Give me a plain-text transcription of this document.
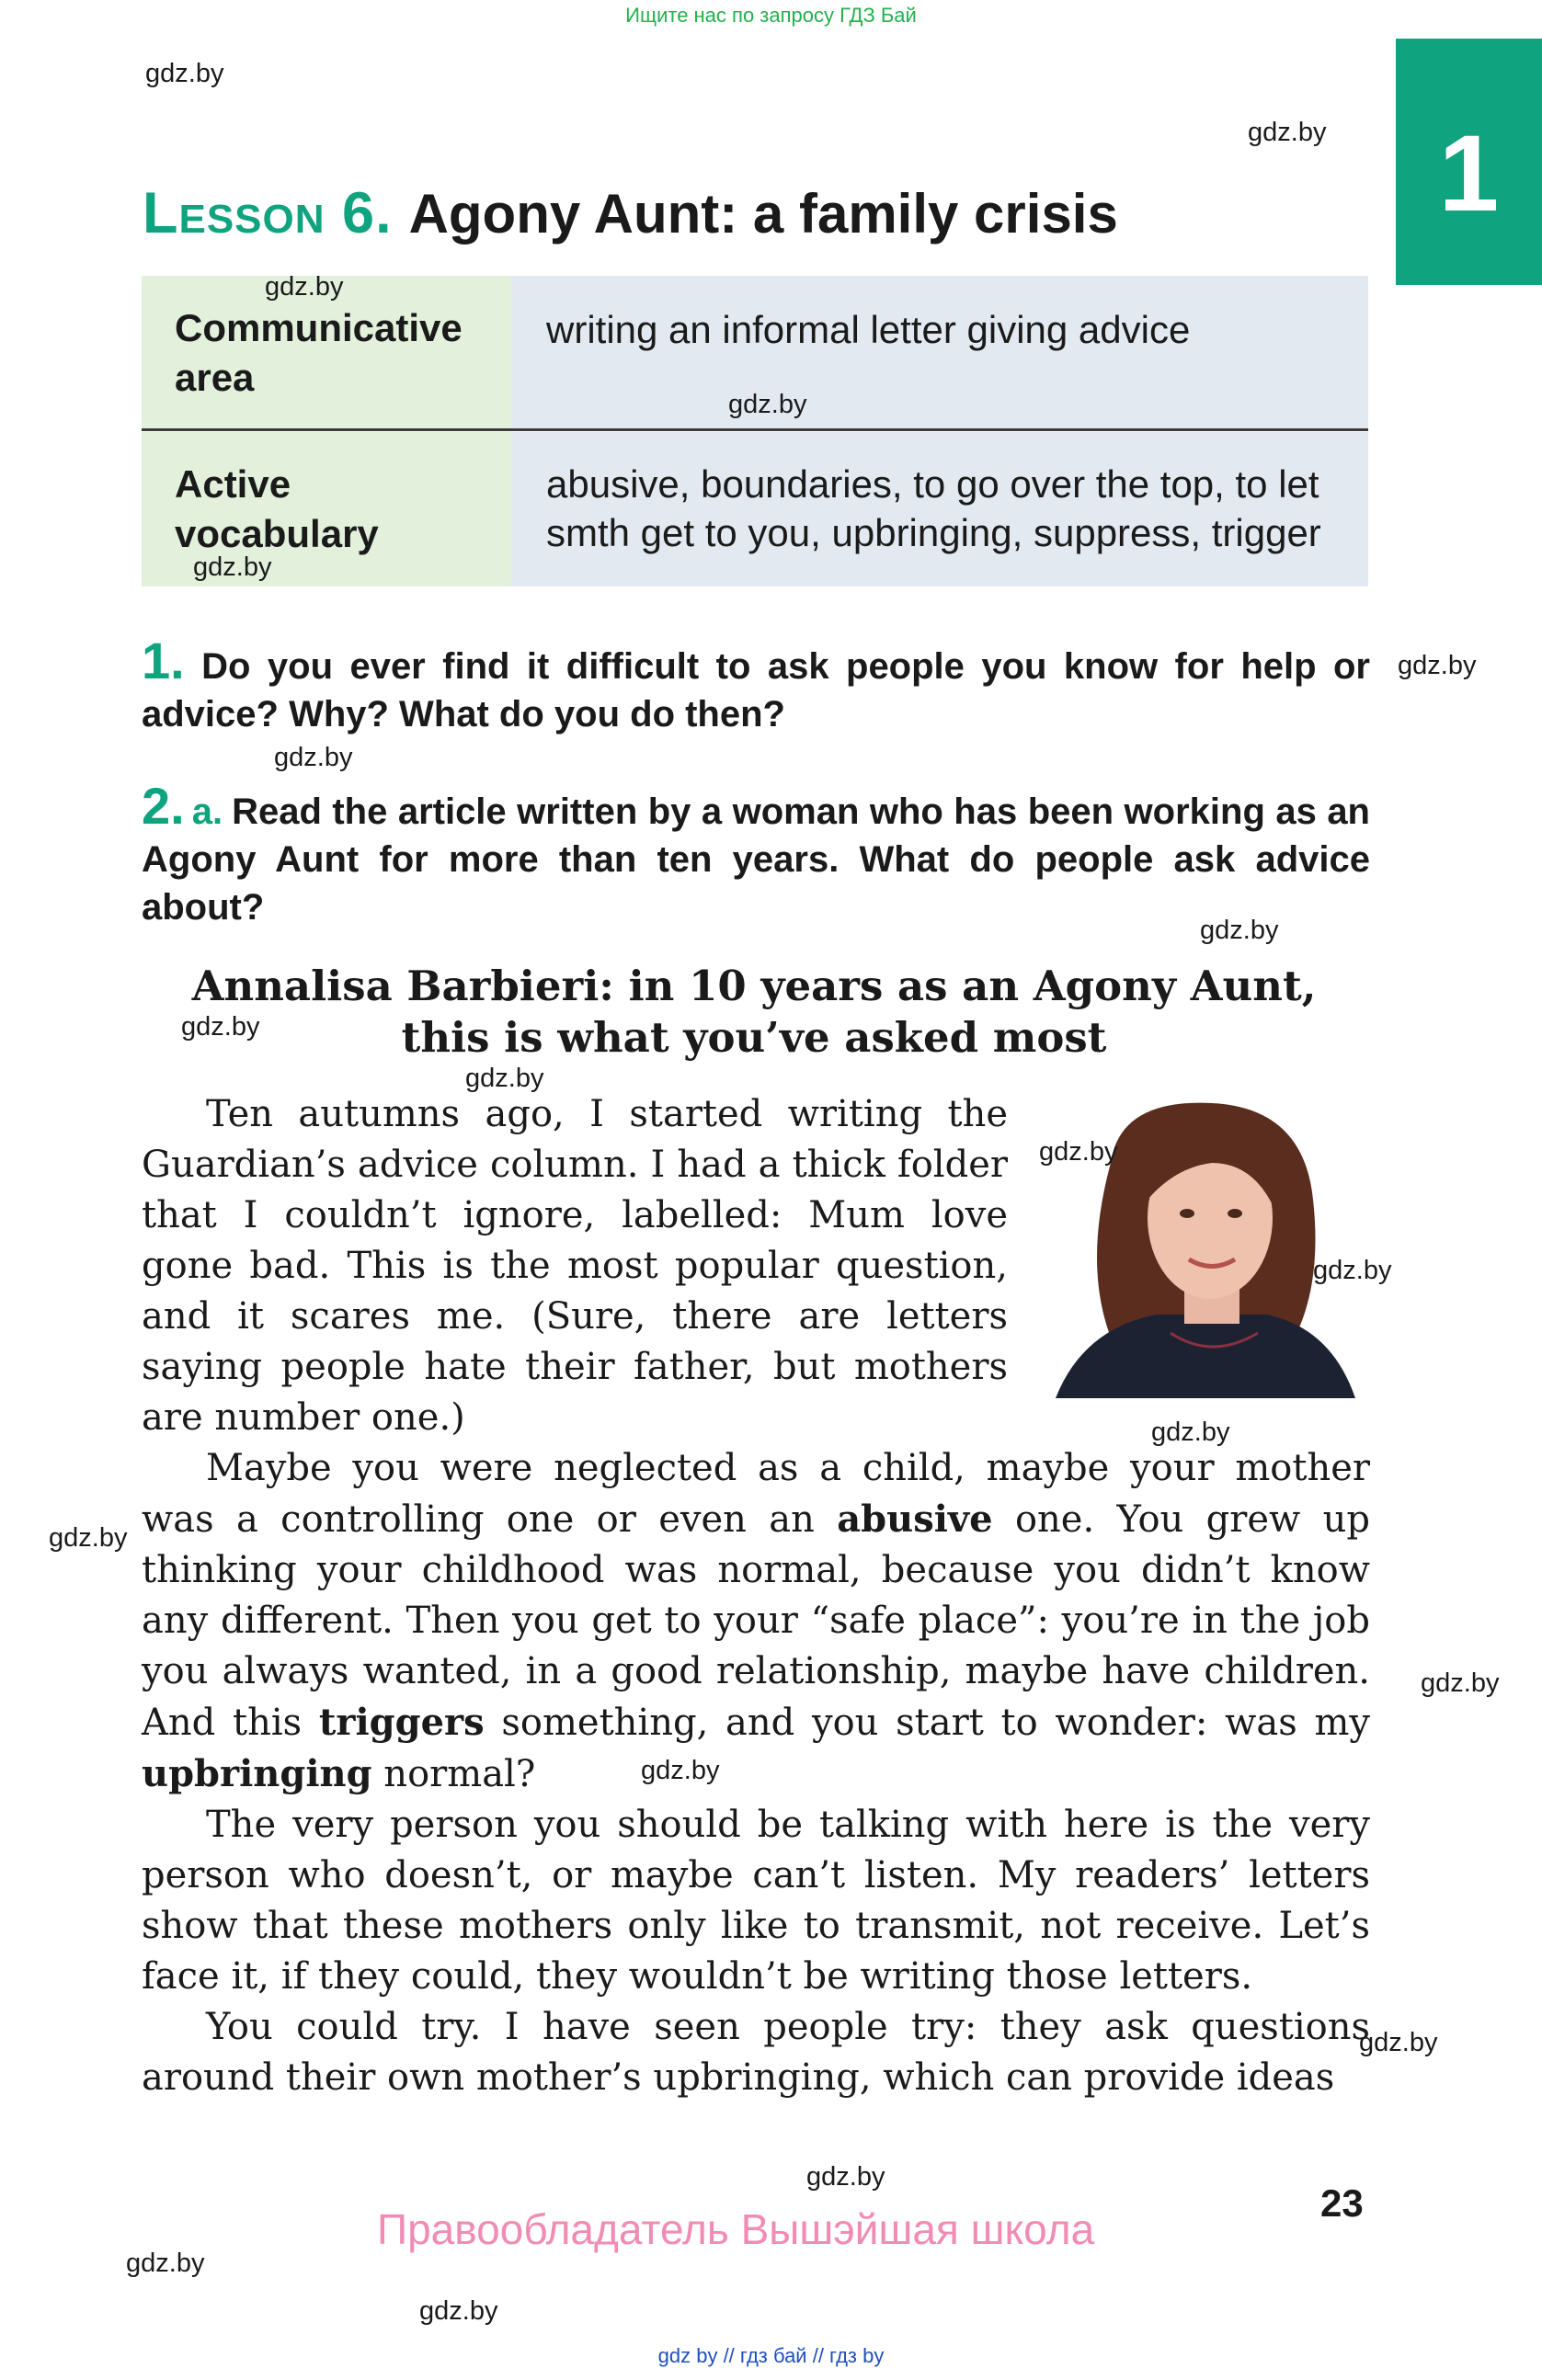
Ищите нас по запросу ГДЗ Бай
gdz.by
gdz.by	1
Lesson 6. Agony Aunt: a family crisis
Communicative area
writing an informal letter giving advice
Active vocabulary
abusive, boundaries, to go over the top, to let smth get to you, upbringing, suppress, trigger
gdz.by
gdz.by
gdz.by
1. Do you ever find it difficult to ask people you know for help or advice? Why? What do you do then?
gdz.by
gdz.by
2. a. Read the article written by a woman who has been working as an Agony Aunt for more than ten years. What do people ask advice about?
gdz.by
Annalisa Barbieri: in 10 years as an Agony Aunt,
this is what you’ve asked most
gdz.by
gdz.by

Ten autumns ago, I started writing the Guardian’s advice column. I had a thick folder that I couldn’t ignore, labelled: Mum love gone bad. This is the most popular question, and it scares me. (Sure, there are letters saying people hate their father, but mothers are number one.)

gdz.by
gdz.by
gdz.by

Maybe you were neglected as a child, maybe your mother was a controlling one or even an abusive one. You grew up thinking your childhood was normal, because you didn’t know any different. Then you get to your “safe place”: you’re in the job you always wanted, in a good relationship, maybe have children. And this triggers something, and you start to wonder: was my upbringing normal?

The very person you should be talking with here is the very person who doesn’t, or maybe can’t listen. My readers’ letters show that these mothers only like to transmit, not receive. Let’s face it, if they could, they wouldn’t be writing those letters.

You could try. I have seen people try: they ask questions around their own mother’s upbringing, which can provide ideas

gdz.by
gdz.by
gdz.by
gdz.by
gdz.by
23
Правообладатель Вышэйшая школа
gdz.by
gdz.by
gdz by // гдз бай // гдз by
